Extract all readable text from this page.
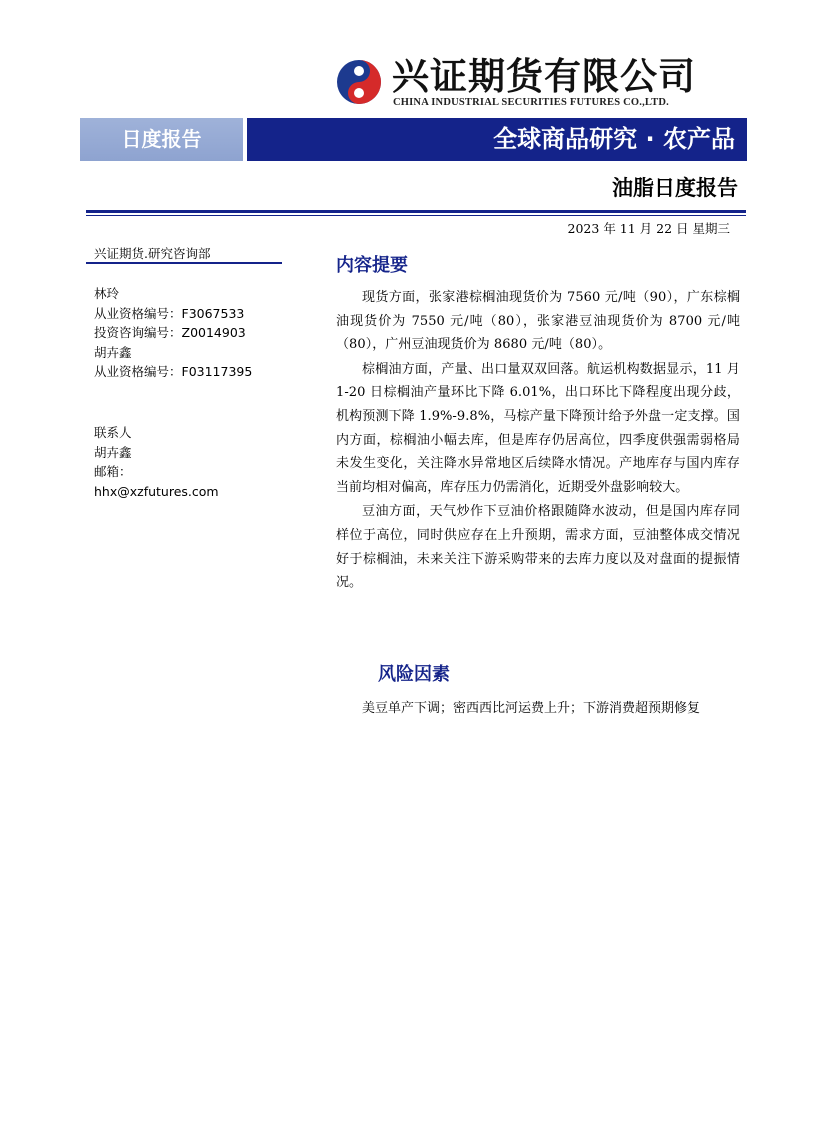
兴证期货有限公司
CHINA INDUSTRIAL SECURITIES FUTURES CO.,LTD.
日度报告	全球商品研究 · 农产品
油脂日度报告
2023 年 11 月 22 日 星期三
兴证期货.研究咨询部
林玲
从业资格编号：F3067533
投资咨询编号：Z0014903
胡卉鑫
从业资格编号：F03117395
联系人
胡卉鑫
邮箱：
hhx@xzfutures.com
内容提要

现货方面，张家港棕榈油现货价为 7560 元/吨（90），广东棕榈油现货价为 7550 元/吨（80），张家港豆油现货价为 8700 元/吨（80），广州豆油现货价为 8680 元/吨（80）。

棕榈油方面，产量、出口量双双回落。航运机构数据显示，11 月 1-20 日棕榈油产量环比下降 6.01%，出口环比下降程度出现分歧，机构预测下降 1.9%-9.8%，马棕产量下降预计给予外盘一定支撑。国内方面，棕榈油小幅去库，但是库存仍居高位，四季度供强需弱格局未发生变化，关注降水异常地区后续降水情况。产地库存与国内库存当前均相对偏高，库存压力仍需消化，近期受外盘影响较大。

豆油方面，天气炒作下豆油价格跟随降水波动，但是国内库存同样位于高位，同时供应存在上升预期，需求方面，豆油整体成交情况好于棕榈油，未来关注下游采购带来的去库力度以及对盘面的提振情况。

风险因素
美豆单产下调；密西西比河运费上升；下游消费超预期修复
